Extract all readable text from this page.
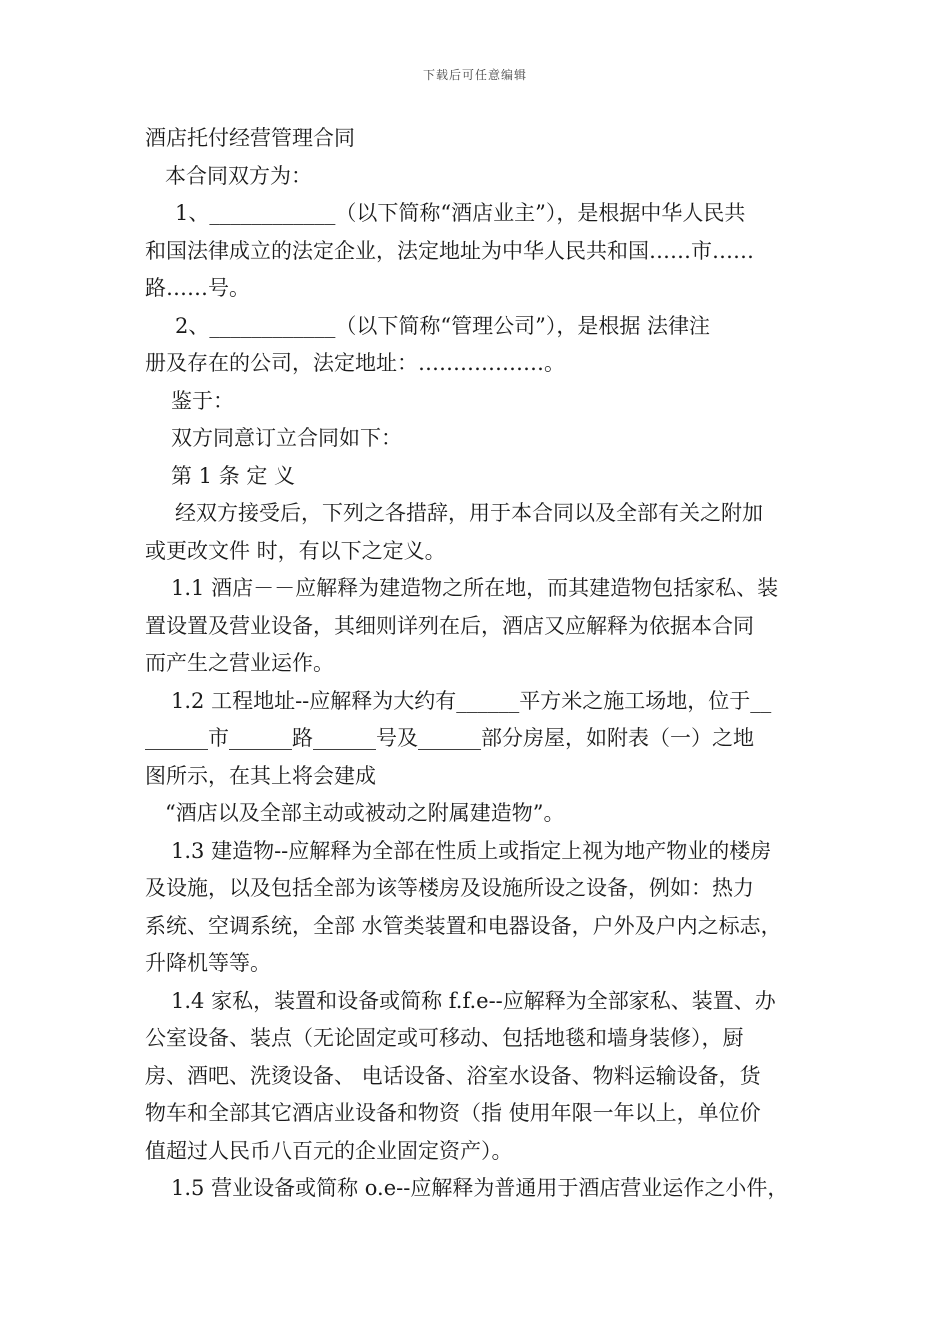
下载后可任意编辑
酒店托付经营管理合同
本合同双方为：
1、____________（以下简称“酒店业主”），是根据中华人民共
和国法律成立的法定企业，法定地址为中华人民共和国……市……
路……号。
2、____________（以下简称“管理公司”），是根据 法律注
册及存在的公司，法定地址：………………。
鉴于：
双方同意订立合同如下：
第 1 条 定 义
经双方接受后，下列之各措辞，用于本合同以及全部有关之附加
或更改文件 时，有以下之定义。
1.1 酒店－－应解释为建造物之所在地，而其建造物包括家私、装
置设置及营业设备，其细则详列在后，酒店又应解释为依据本合同
而产生之营业运作。
1.2 工程地址--应解释为大约有______平方米之施工场地，位于__
______市______路______号及______部分房屋，如附表（一）之地
图所示，在其上将会建成
“酒店以及全部主动或被动之附属建造物”。
1.3 建造物--应解释为全部在性质上或指定上视为地产物业的楼房
及设施，以及包括全部为该等楼房及设施所设之设备，例如：热力
系统、空调系统，全部 水管类装置和电器设备，户外及户内之标志，
升降机等等。
1.4 家私，装置和设备或简称 f.f.e--应解释为全部家私、装置、办
公室设备、装点（无论固定或可移动、包括地毯和墙身装修），厨
房、酒吧、洗烫设备、 电话设备、浴室水设备、物料运输设备，货
物车和全部其它酒店业设备和物资（指 使用年限一年以上，单位价
值超过人民币八百元的企业固定资产）。
1.5 营业设备或简称 o.e--应解释为普通用于酒店营业运作之小件，
